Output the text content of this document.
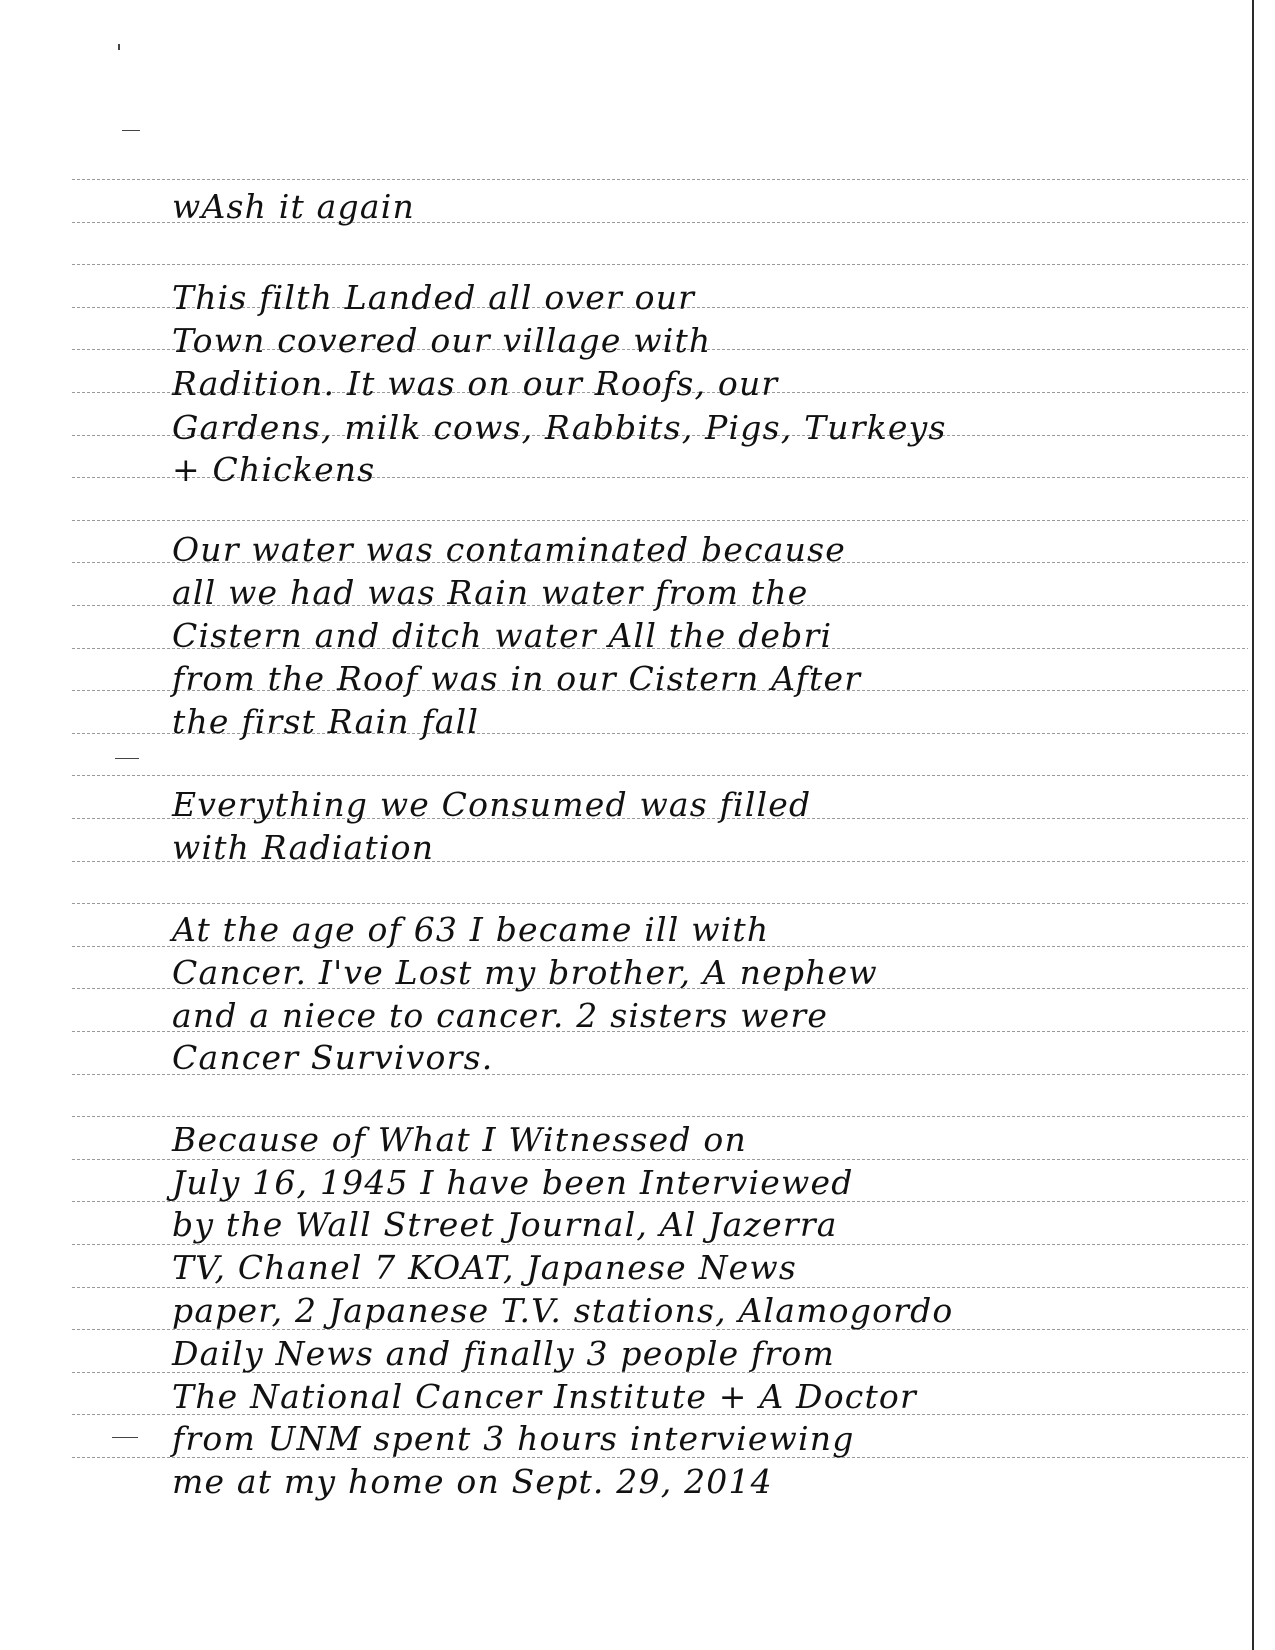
wAsh it again
This filth Landed all over our
Town covered our village with
Radition. It was on our Roofs, our
Gardens, milk cows, Rabbits, Pigs, Turkeys
+ Chickens
Our water was contaminated because
all we had was Rain water from the
Cistern and ditch water All the debri
from the Roof was in our Cistern After
the first Rain fall
Everything we Consumed was filled
with Radiation
At the age of 63 I became ill with
Cancer. I've Lost my brother, A nephew
and a niece to cancer. 2 sisters were
Cancer Survivors.
Because of What I Witnessed on
July 16, 1945 I have been Interviewed
by the Wall Street Journal, Al Jazerra
TV, Chanel 7 KOAT, Japanese News
paper, 2 Japanese T.V. stations, Alamogordo
Daily News and finally 3 people from
The National Cancer Institute + A Doctor
from UNM spent 3 hours interviewing
me at my home on Sept. 29, 2014
